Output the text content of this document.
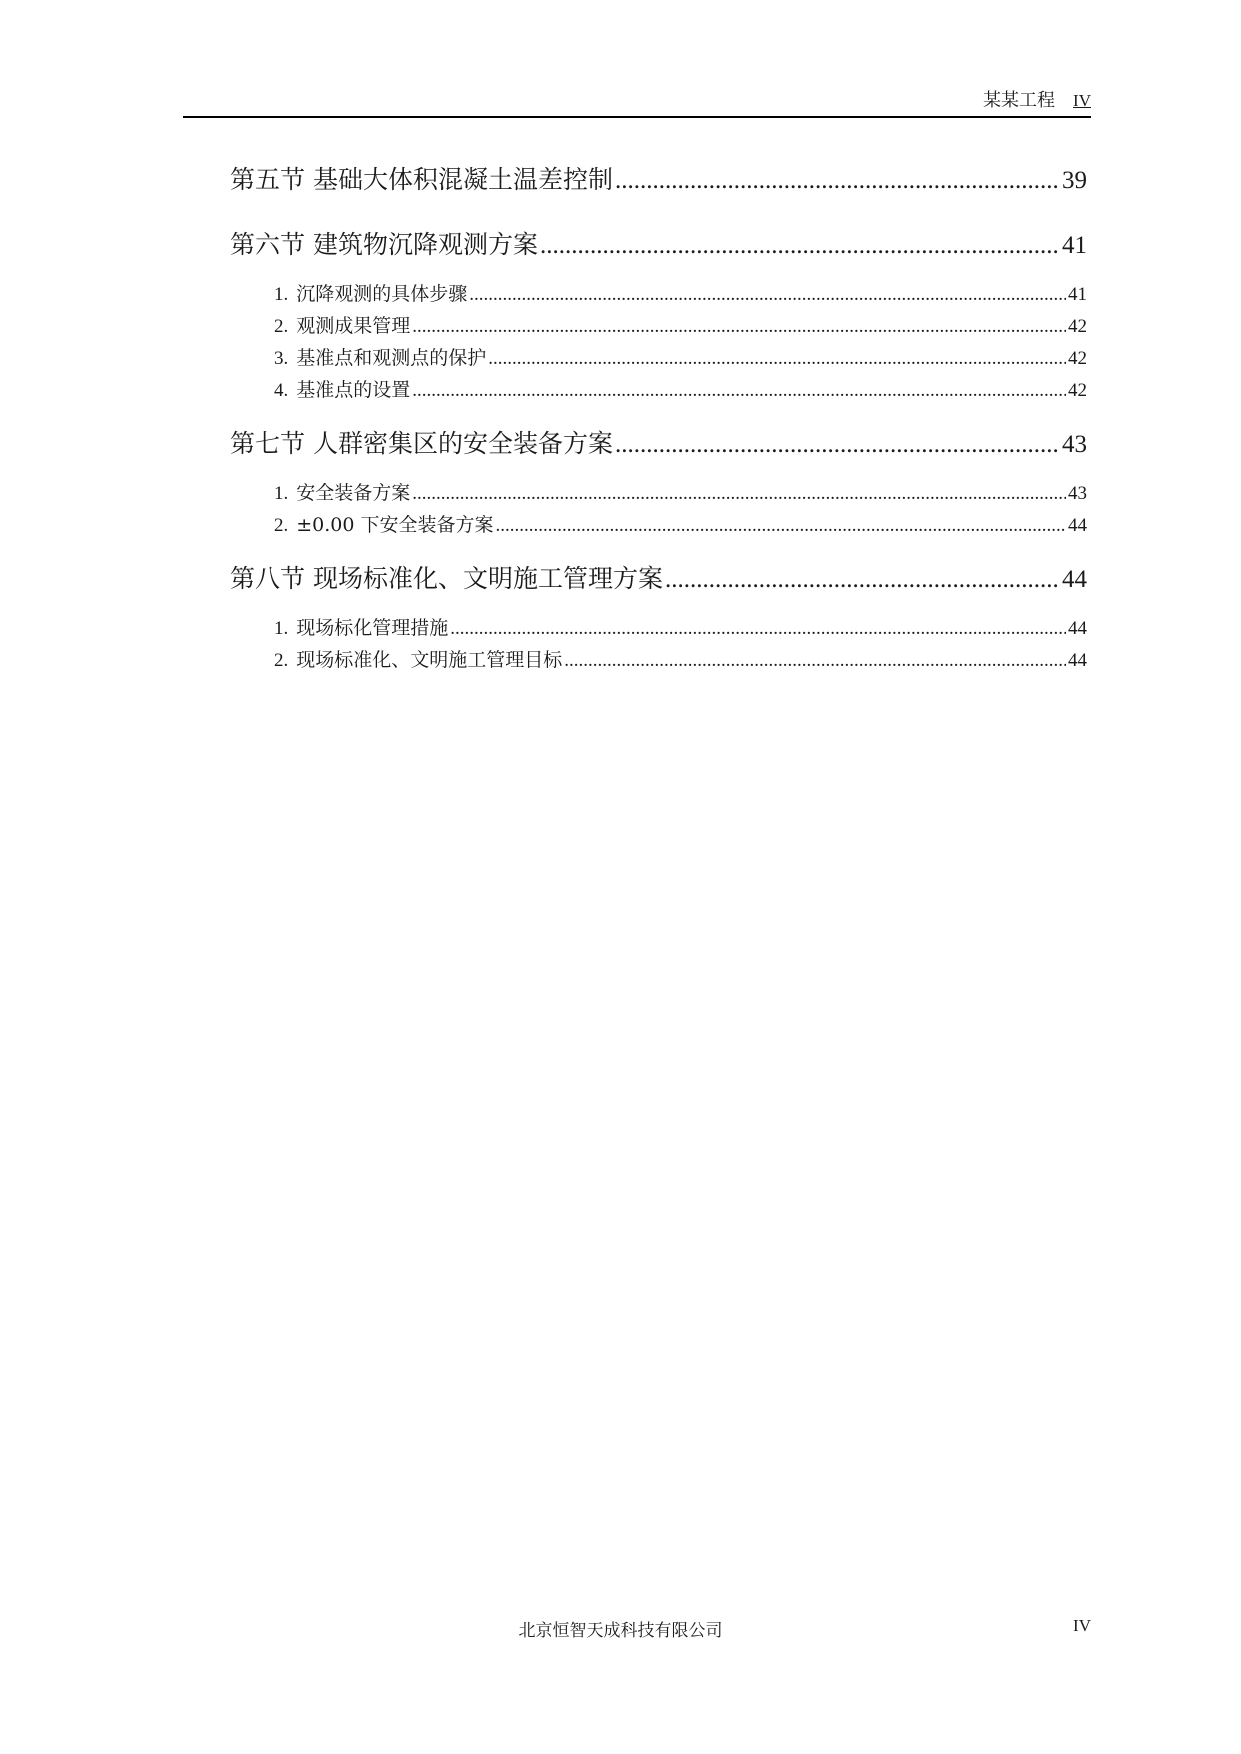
某某工程 IV
第五节 基础大体积混凝土温差控制 .....	39
第六节 建筑物沉降观测方案 .....	41
1. 沉降观测的具体步骤 .....	41
2. 观测成果管理 .....	42
3. 基准点和观测点的保护 .....	42
4. 基准点的设置 .....	42
第七节 人群密集区的安全装备方案 .....	43
1. 安全装备方案 .....	43
2. ±0.00 下安全装备方案 .....	44
第八节 现场标准化、文明施工管理方案 .....	44
1. 现场标化管理措施 .....	44
2. 现场标准化、文明施工管理目标 .....	44
北京恒智天成科技有限公司	IV
